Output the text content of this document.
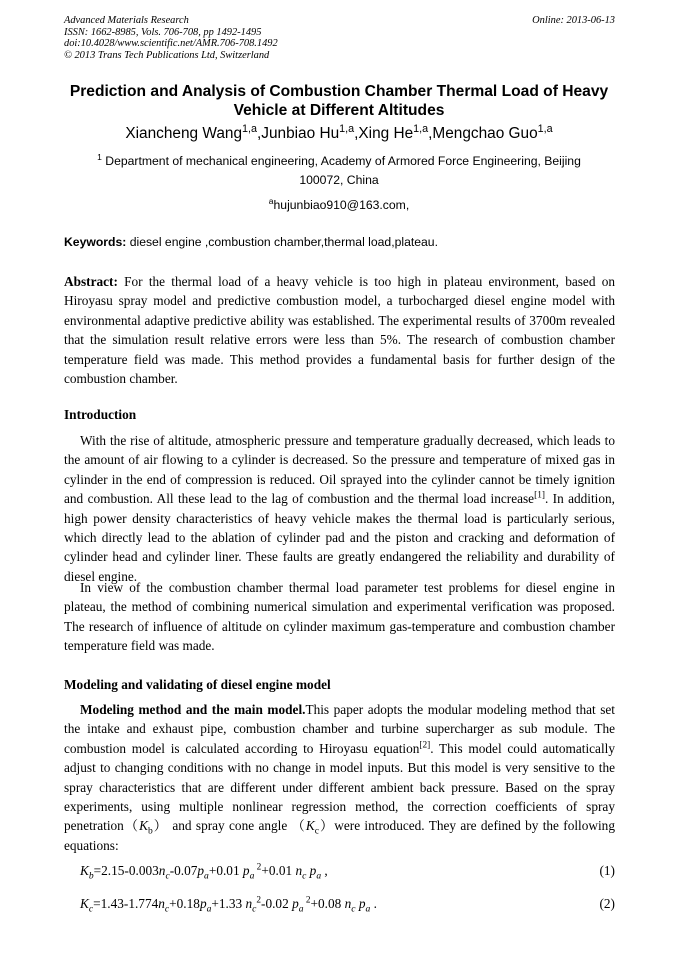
Advanced Materials Research
ISSN: 1662-8985, Vols. 706-708, pp 1492-1495
doi:10.4028/www.scientific.net/AMR.706-708.1492
© 2013 Trans Tech Publications Ltd, Switzerland
Online: 2013-06-13
Prediction and Analysis of Combustion Chamber Thermal Load of Heavy Vehicle at Different Altitudes
Xiancheng Wang$^{1,a}$,Junbiao Hu$^{1,a}$,Xing He$^{1,a}$,Mengchao Guo$^{1,a}$
$^1$ Department of mechanical engineering, Academy of Armored Force Engineering, Beijing 100072, China
$^a$hujunbiao910@163.com,
Keywords: diesel engine ,combustion chamber,thermal load,plateau.
Abstract: For the thermal load of a heavy vehicle is too high in plateau environment, based on Hiroyasu spray model and predictive combustion model, a turbocharged diesel engine model with environmental adaptive predictive ability was established. The experimental results of 3700m revealed that the simulation result relative errors were less than 5%. The research of combustion chamber temperature field was made. This method provides a fundamental basis for further design of the combustion chamber.
Introduction
With the rise of altitude, atmospheric pressure and temperature gradually decreased, which leads to the amount of air flowing to a cylinder is decreased. So the pressure and temperature of mixed gas in cylinder in the end of compression is reduced. Oil sprayed into the cylinder cannot be timely ignition and combustion. All these lead to the lag of combustion and the thermal load increase[1]. In addition, high power density characteristics of heavy vehicle makes the thermal load is particularly serious, which directly lead to the ablation of cylinder pad and the piston and cracking and deformation of cylinder head and cylinder liner. These faults are greatly endangered the reliability and durability of diesel engine.
In view of the combustion chamber thermal load parameter test problems for diesel engine in plateau, the method of combining numerical simulation and experimental verification was proposed. The research of influence of altitude on cylinder maximum gas-temperature and combustion chamber temperature field was made.
Modeling and validating of diesel engine model
Modeling method and the main model.This paper adopts the modular modeling method that set the intake and exhaust pipe, combustion chamber and turbine supercharger as sub module. The combustion model is calculated according to Hiroyasu equation[2]. This model could automatically adjust to changing conditions with no change in model inputs. But this model is very sensitive to the spray characteristics that are different under different ambient back pressure. Based on the spray experiments, using multiple nonlinear regression method, the correction coefficients of spray $penetration(K_b)$ and spray cone angle $(K_c)were$ introduced. They are defined by the following equations:
$K_b=2.15-0.003n_c-0.07p_a+0.01$ $p_a$ $^2$+0.01 $n_c$ $p_a$ ,	(1)
$K_c=1.43-1.774n_c+0.18p_a+1.33$ $n_c^2-0.02$ $p_a$ $^2$+0.08 $n_c$ $p_a$ .	(2)
